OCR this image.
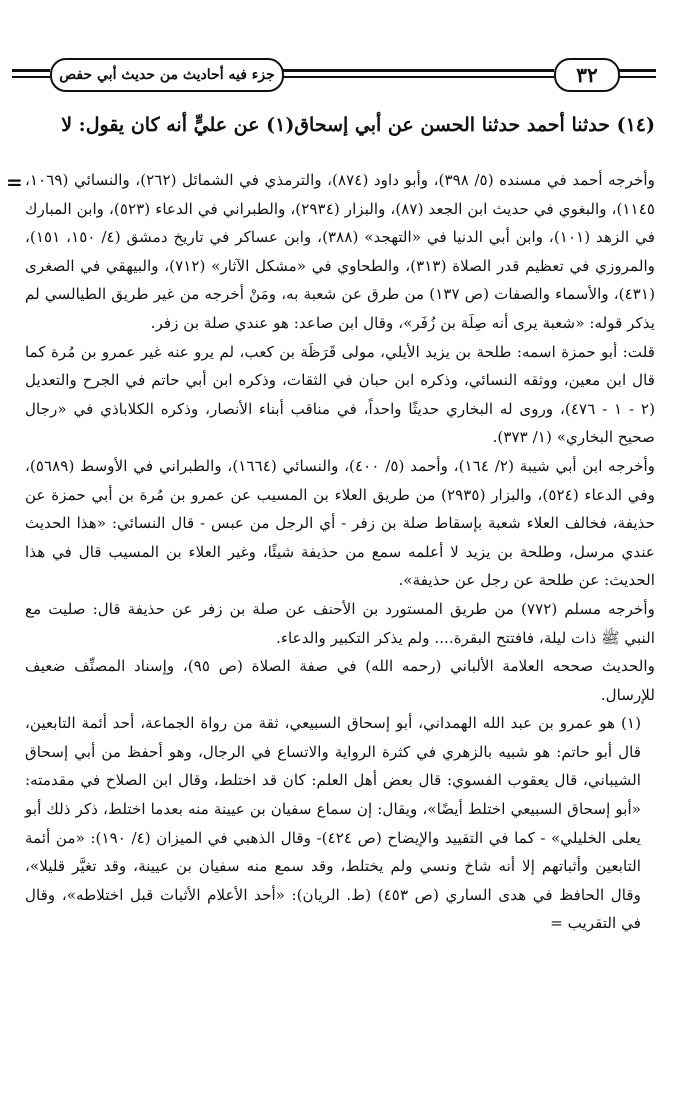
٣٢
جزء فيه أحاديث من حديث أبي حفص
=
(١٤) حدثنا أحمد حدثنا الحسن عن أبي إسحاق(١) عن عليٍّ أنه كان يقول: لا

وأخرجه أحمد في مسنده (٥/ ٣٩٨)، وأبو داود (٨٧٤)، والترمذي في الشمائل (٢٦٢)، والنسائي (١٠٦٩، ١١٤٥)، والبغوي في حديث ابن الجعد (٨٧)، والبزار (٢٩٣٤)، والطبراني في الدعاء (٥٢٣)، وابن المبارك في الزهد (١٠١)، وابن أبي الدنيا في «التهجد» (٣٨٨)، وابن عساكر في تاريخ دمشق (٤/ ١٥٠، ١٥١)، والمروزي في تعظيم قدر الصلاة (٣١٣)، والطحاوي في «مشكل الآثار» (٧١٢)، والبيهقي في الصغرى (٤٣١)، والأسماء والصفات (ص ١٣٧) من طرق عن شعبة به، ومَنْ أخرجه من غير طريق الطيالسي لم يذكر قوله: «شعبة يرى أنه صِلَة بن زُفَر»، وقال ابن صاعد: هو عندي صلة بن زفر.

قلت: أبو حمزة اسمه: طلحة بن يزيد الأيلي، مولى قَرَظَة بن كعب، لم يرو عنه غير عمرو بن مُرة كما قال ابن معين، ووثقه النسائي، وذكره ابن حبان في الثقات، وذكره ابن أبي حاتم في الجرح والتعديل (٢ - ١ - ٤٧٦)، وروى له البخاري حديثًا واحداً، في مناقب أبناء الأنصار، وذكره الكلاباذي في «رجال صحيح البخاري» (١/ ٣٧٣).

وأخرجه ابن أبي شيبة (٢/ ١٦٤)، وأحمد (٥/ ٤٠٠)، والنسائي (١٦٦٤)، والطبراني في الأوسط (٥٦٨٩)، وفي الدعاء (٥٢٤)، والبزار (٢٩٣٥) من طريق العلاء بن المسيب عن عمرو بن مُرة بن أبي حمزة عن حذيفة، فخالف العلاء شعبة بإسقاط صلة بن زفر - أي الرجل من عبس - قال النسائي: «هذا الحديث عندي مرسل، وطلحة بن يزيد لا أعلمه سمع من حذيفة شيئًا، وغير العلاء بن المسيب قال في هذا الحديث: عن طلحة عن رجل عن حذيفة».

وأخرجه مسلم (٧٧٢) من طريق المستورد بن الأحنف عن صلة بن زفر عن حذيفة قال: صليت مع النبي ﷺ ذات ليلة، فافتتح البقرة.... ولم يذكر التكبير والدعاء.

والحديث صححه العلامة الألباني (رحمه الله) في صفة الصلاة (ص ٩٥)، وإسناد المصنِّف ضعيف للإرسال.

(١) هو عمرو بن عبد الله الهمداني، أبو إسحاق السبيعي، ثقة من رواة الجماعة، أحد أئمة التابعين، قال أبو حاتم: هو شبيه بالزهري في كثرة الرواية والاتساع في الرجال، وهو أحفظ من أبي إسحاق الشيباني، قال يعقوب الفسوي: قال بعض أهل العلم: كان قد اختلط، وقال ابن الصلاح في مقدمته: «أبو إسحاق السبيعي اختلط أيضًا»، ويقال: إن سماع سفيان بن عيينة منه بعدما اختلط، ذكر ذلك أبو يعلى الخليلي» - كما في التقييد والإيضاح (ص ٤٢٤)- وقال الذهبي في الميزان (٤/ ١٩٠): «من أئمة التابعين وأثباتهم إلا أنه شاخ ونسي ولم يختلط، وقد سمع منه سفيان بن عيينة، وقد تغيَّر قليلا»، وقال الحافظ في هدى الساري (ص ٤٥٣) (ط. الريان): «أحد الأعلام الأثبات قبل اختلاطه»، وقال في التقريب =
